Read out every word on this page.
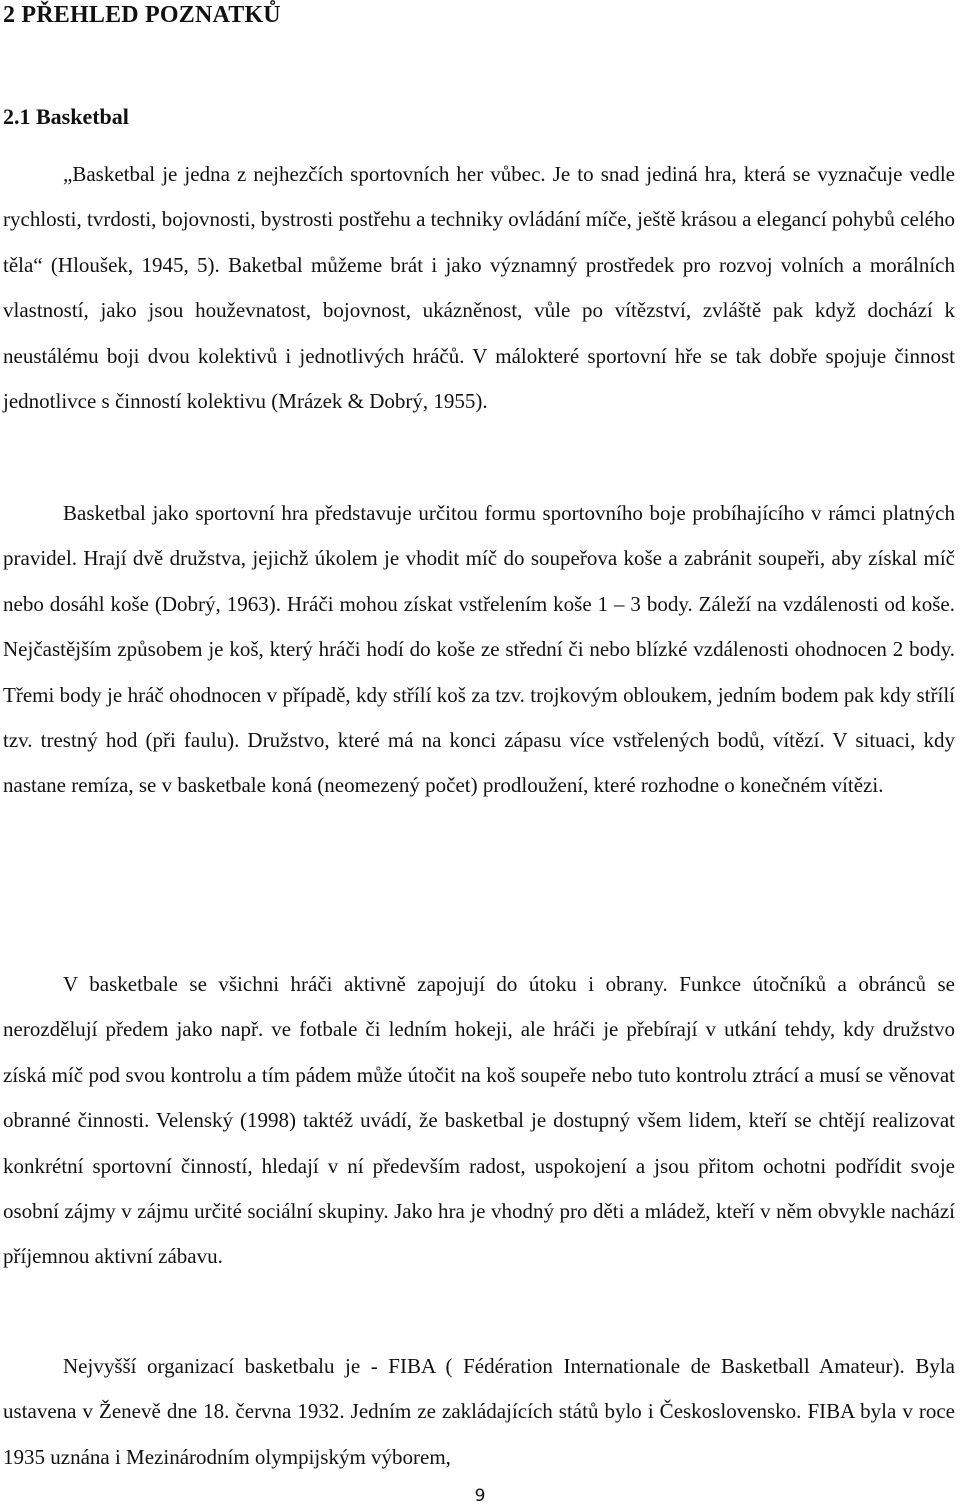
2 PŘEHLED POZNATKŮ
2.1 Basketbal

„Basketbal je jedna z nejhezčích sportovních her vůbec. Je to snad jediná hra, která se vyznačuje vedle rychlosti, tvrdosti, bojovnosti, bystrosti postřehu a techniky ovládání míče, ještě krásou a elegancí pohybů celého těla“ (Hloušek, 1945, 5). Baketbal můžeme brát i jako významný prostředek pro rozvoj volních a morálních vlastností, jako jsou houževnatost, bojovnost, ukázněnost, vůle po vítězství, zvláště pak když dochází k neustálému boji dvou kolektivů i jednotlivých hráčů. V málokteré sportovní hře se tak dobře spojuje činnost jednotlivce s činností kolektivu (Mrázek & Dobrý, 1955).

Basketbal jako sportovní hra představuje určitou formu sportovního boje probíhajícího v rámci platných pravidel. Hrají dvě družstva, jejichž úkolem je vhodit míč do soupeřova koše a zabránit soupeři, aby získal míč nebo dosáhl koše (Dobrý, 1963). Hráči mohou získat vstřelením koše 1 – 3 body. Záleží na vzdálenosti od koše. Nejčastějším způsobem je koš, který hráči hodí do koše ze střední či nebo blízké vzdálenosti ohodnocen 2 body. Třemi body je hráč ohodnocen v případě, kdy střílí koš za tzv. trojkovým obloukem, jedním bodem pak kdy střílí tzv. trestný hod (při faulu). Družstvo, které má na konci zápasu více vstřelených bodů, vítězí. V situaci, kdy nastane remíza, se v basketbale koná (neomezený počet) prodloužení, které rozhodne o konečném vítězi.

V basketbale se všichni hráči aktivně zapojují do útoku i obrany. Funkce útočníků a obránců se nerozdělují předem jako např. ve fotbale či ledním hokeji, ale hráči je přebírají v utkání tehdy, kdy družstvo získá míč pod svou kontrolu a tím pádem může útočit na koš soupeře nebo tuto kontrolu ztrácí a musí se věnovat obranné činnosti. Velenský (1998) taktéž uvádí, že basketbal je dostupný všem lidem, kteří se chtějí realizovat konkrétní sportovní činností, hledají v ní především radost, uspokojení a jsou přitom ochotni podřídit svoje osobní zájmy v zájmu určité sociální skupiny. Jako hra je vhodný pro děti a mládež, kteří v něm obvykle nachází příjemnou aktivní zábavu.

Nejvyšší organizací basketbalu je - FIBA ( Fédération Internationale de Basketball Amateur). Byla ustavena v Ženevě dne 18. června 1932. Jedním ze zakládajících států bylo i Československo. FIBA byla v roce 1935 uznána i Mezinárodním olympijským výborem,

9
